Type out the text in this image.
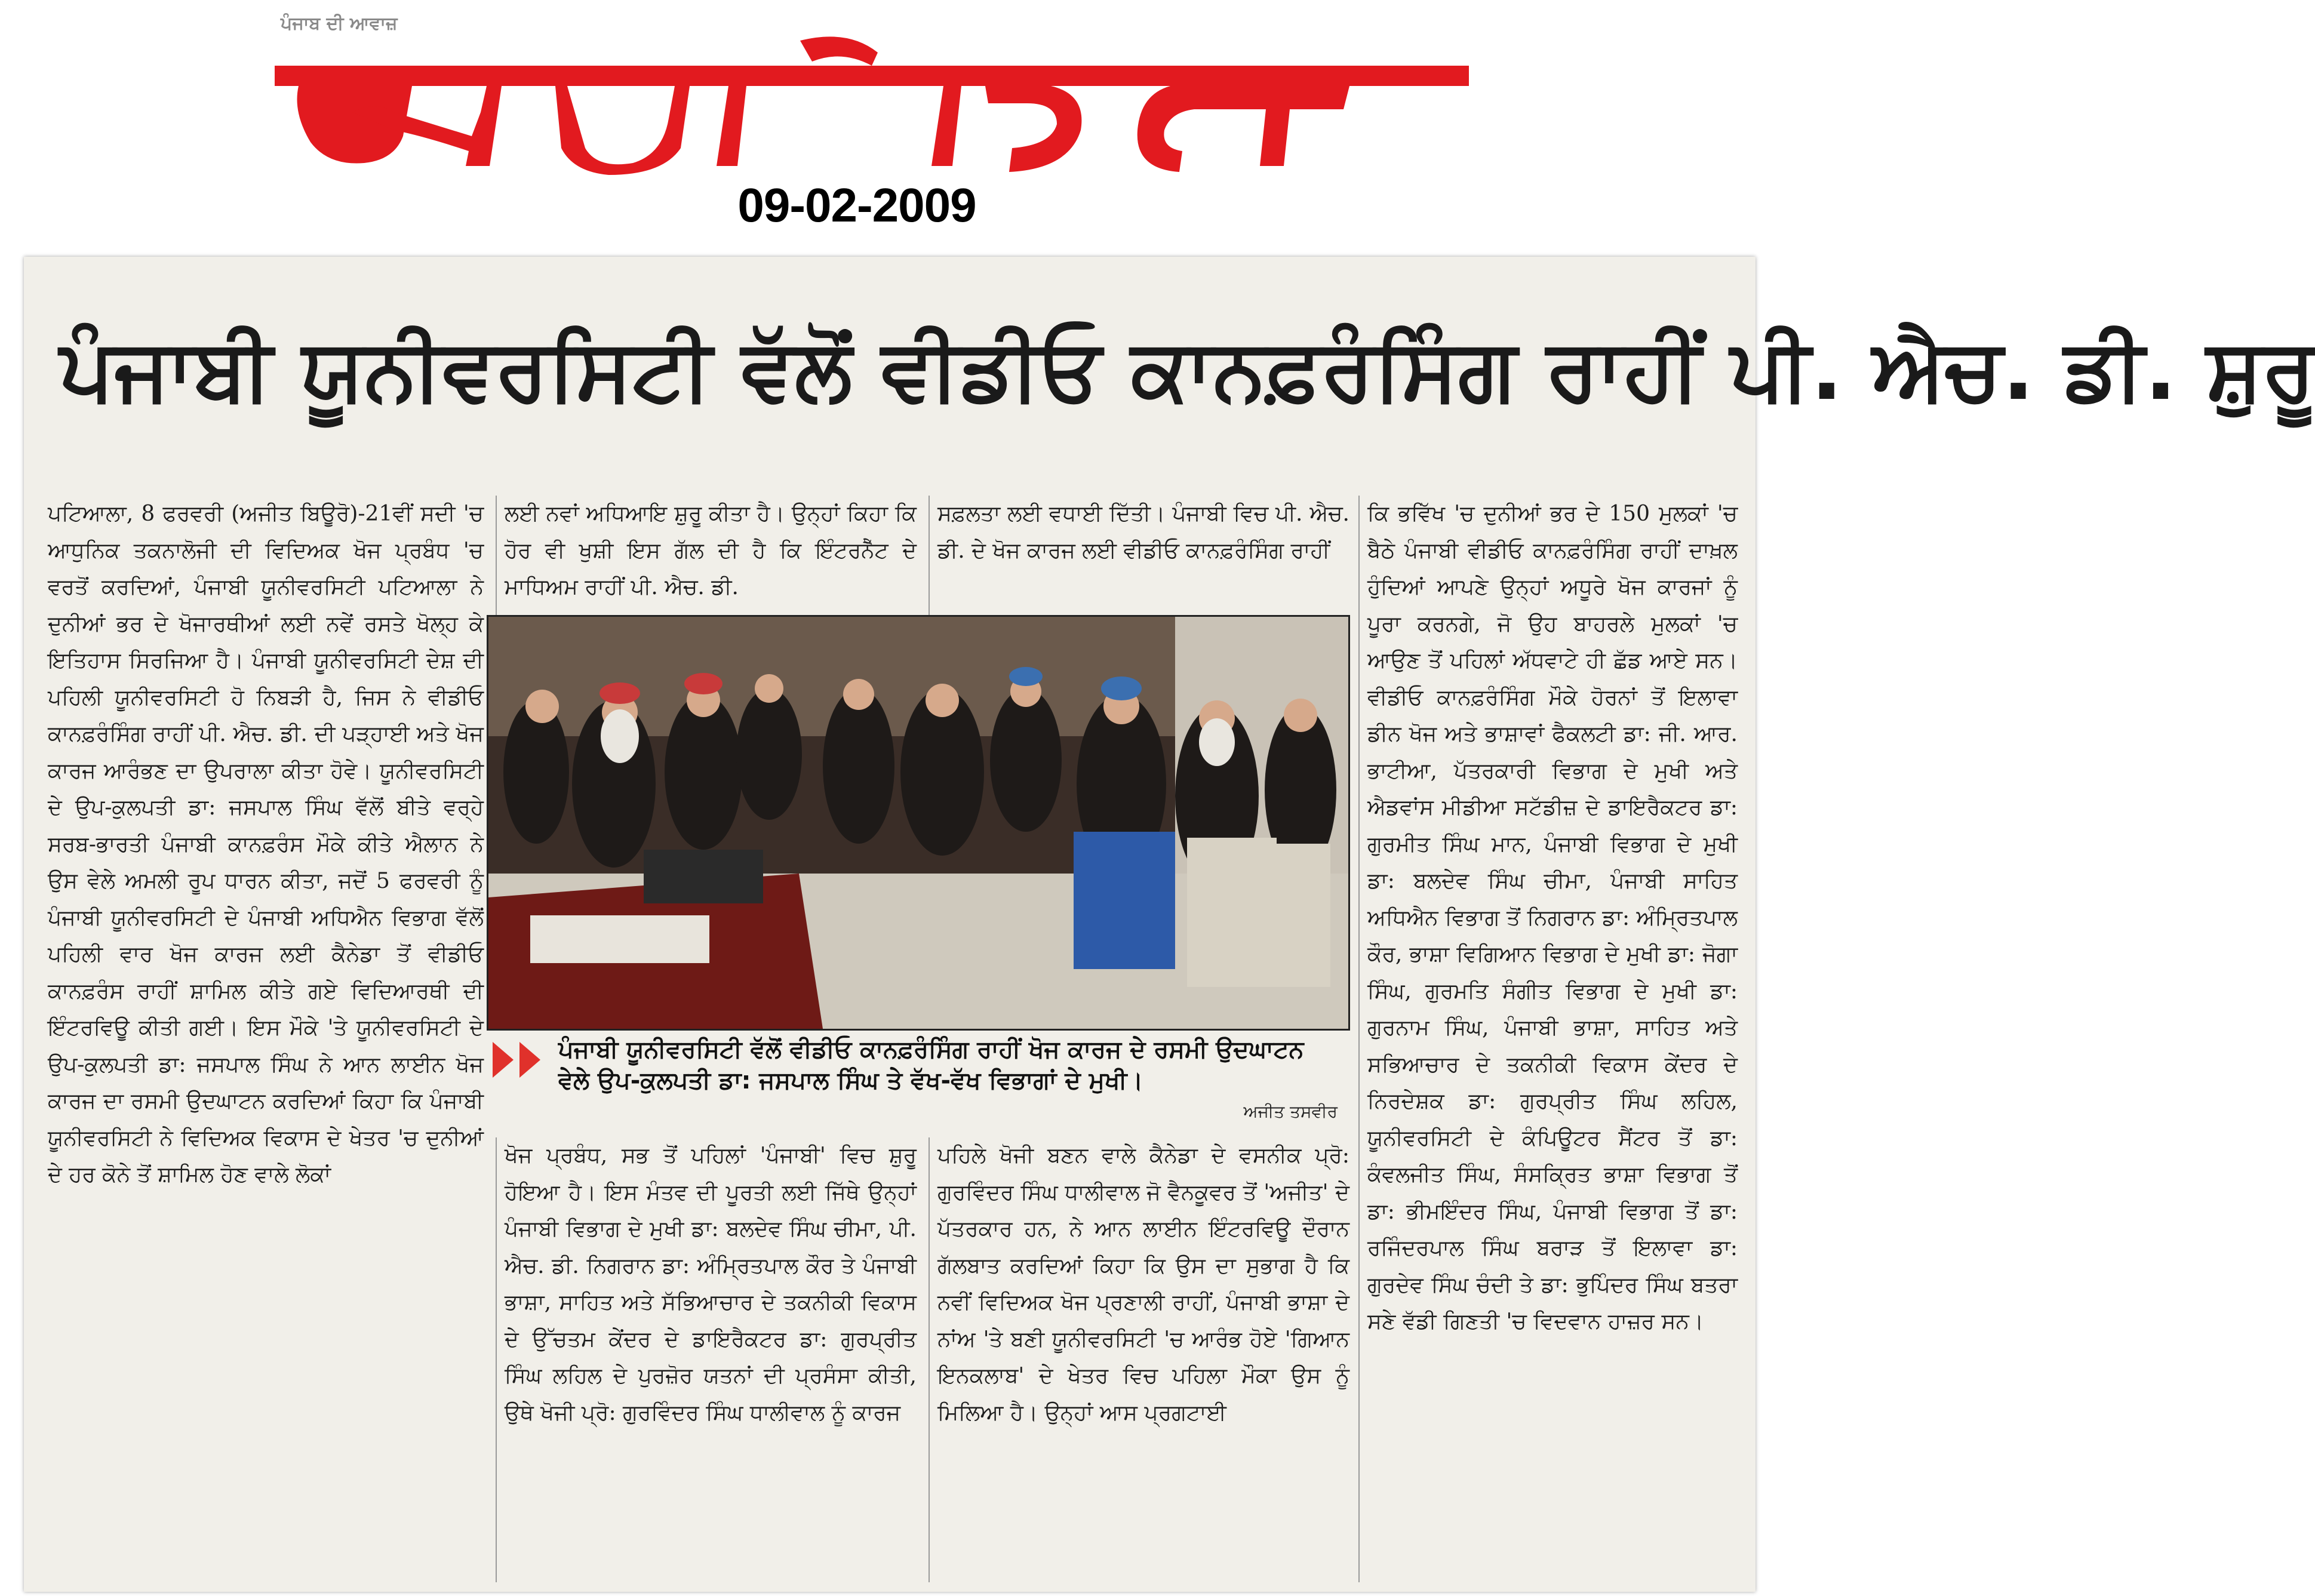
ਪੰਜਾਬ ਦੀ ਆਵਾਜ਼
09-02-2009
ਪੰਜਾਬੀ ਯੂਨੀਵਰਸਿਟੀ ਵੱਲੋਂ ਵੀਡੀਓ ਕਾਨਫ਼ਰੰਸਿੰਗ ਰਾਹੀਂ ਪੀ. ਐਚ. ਡੀ. ਸ਼ੁਰੂ

ਪਟਿਆਲਾ, 8 ਫਰਵਰੀ (ਅਜੀਤ ਬਿਊਰੋ)-21ਵੀਂ ਸਦੀ 'ਚ ਆਧੁਨਿਕ ਤਕਨਾਲੋਜੀ ਦੀ ਵਿਦਿਅਕ ਖੋਜ ਪ੍ਰਬੰਧ 'ਚ ਵਰਤੋਂ ਕਰਦਿਆਂ, ਪੰਜਾਬੀ ਯੂਨੀਵਰਸਿਟੀ ਪਟਿਆਲਾ ਨੇ ਦੁਨੀਆਂ ਭਰ ਦੇ ਖੋਜਾਰਥੀਆਂ ਲਈ ਨਵੇਂ ਰਸਤੇ ਖੋਲ੍ਹ ਕੇ ਇਤਿਹਾਸ ਸਿਰਜਿਆ ਹੈ। ਪੰਜਾਬੀ ਯੂਨੀਵਰਸਿਟੀ ਦੇਸ਼ ਦੀ ਪਹਿਲੀ ਯੂਨੀਵਰਸਿਟੀ ਹੋ ਨਿਬੜੀ ਹੈ, ਜਿਸ ਨੇ ਵੀਡੀਓ ਕਾਨਫ਼ਰੰਸਿੰਗ ਰਾਹੀਂ ਪੀ. ਐਚ. ਡੀ. ਦੀ ਪੜ੍ਹਾਈ ਅਤੇ ਖੋਜ ਕਾਰਜ ਆਰੰਭਣ ਦਾ ਉਪਰਾਲਾ ਕੀਤਾ ਹੋਵੇ। ਯੂਨੀਵਰਸਿਟੀ ਦੇ ਉਪ-ਕੁਲਪਤੀ ਡਾ: ਜਸਪਾਲ ਸਿੰਘ ਵੱਲੋਂ ਬੀਤੇ ਵਰ੍ਹੇ ਸਰਬ-ਭਾਰਤੀ ਪੰਜਾਬੀ ਕਾਨਫ਼ਰੰਸ ਮੌਕੇ ਕੀਤੇ ਐਲਾਨ ਨੇ ਉਸ ਵੇਲੇ ਅਮਲੀ ਰੂਪ ਧਾਰਨ ਕੀਤਾ, ਜਦੋਂ 5 ਫਰਵਰੀ ਨੂੰ ਪੰਜਾਬੀ ਯੂਨੀਵਰਸਿਟੀ ਦੇ ਪੰਜਾਬੀ ਅਧਿਐਨ ਵਿਭਾਗ ਵੱਲੋਂ ਪਹਿਲੀ ਵਾਰ ਖੋਜ ਕਾਰਜ ਲਈ ਕੈਨੇਡਾ ਤੋਂ ਵੀਡੀਓ ਕਾਨਫ਼ਰੰਸ ਰਾਹੀਂ ਸ਼ਾਮਿਲ ਕੀਤੇ ਗਏ ਵਿਦਿਆਰਥੀ ਦੀ ਇੰਟਰਵਿਊ ਕੀਤੀ ਗਈ। ਇਸ ਮੌਕੇ 'ਤੇ ਯੂਨੀਵਰਸਿਟੀ ਦੇ ਉਪ-ਕੁਲਪਤੀ ਡਾ: ਜਸਪਾਲ ਸਿੰਘ ਨੇ ਆਨ ਲਾਈਨ ਖੋਜ ਕਾਰਜ ਦਾ ਰਸਮੀ ਉਦਘਾਟਨ ਕਰਦਿਆਂ ਕਿਹਾ ਕਿ ਪੰਜਾਬੀ ਯੂਨੀਵਰਸਿਟੀ ਨੇ ਵਿਦਿਅਕ ਵਿਕਾਸ ਦੇ ਖੇਤਰ 'ਚ ਦੁਨੀਆਂ ਦੇ ਹਰ ਕੋਨੇ ਤੋਂ ਸ਼ਾਮਿਲ ਹੋਣ ਵਾਲੇ ਲੋਕਾਂ

ਲਈ ਨਵਾਂ ਅਧਿਆਇ ਸ਼ੁਰੂ ਕੀਤਾ ਹੈ। ਉਨ੍ਹਾਂ ਕਿਹਾ ਕਿ ਹੋਰ ਵੀ ਖੁਸ਼ੀ ਇਸ ਗੱਲ ਦੀ ਹੈ ਕਿ ਇੰਟਰਨੈੱਟ ਦੇ ਮਾਧਿਅਮ ਰਾਹੀਂ ਪੀ. ਐਚ. ਡੀ.

ਸਫ਼ਲਤਾ ਲਈ ਵਧਾਈ ਦਿੱਤੀ। ਪੰਜਾਬੀ ਵਿਚ ਪੀ. ਐਚ. ਡੀ. ਦੇ ਖੋਜ ਕਾਰਜ ਲਈ ਵੀਡੀਓ ਕਾਨਫ਼ਰੰਸਿੰਗ ਰਾਹੀਂ

ਕਿ ਭਵਿੱਖ 'ਚ ਦੁਨੀਆਂ ਭਰ ਦੇ 150 ਮੁਲਕਾਂ 'ਚ ਬੈਠੇ ਪੰਜਾਬੀ ਵੀਡੀਓ ਕਾਨਫ਼ਰੰਸਿੰਗ ਰਾਹੀਂ ਦਾਖ਼ਲ ਹੁੰਦਿਆਂ ਆਪਣੇ ਉਨ੍ਹਾਂ ਅਧੂਰੇ ਖੋਜ ਕਾਰਜਾਂ ਨੂੰ ਪੂਰਾ ਕਰਨਗੇ, ਜੋ ਉਹ ਬਾਹਰਲੇ ਮੁਲਕਾਂ 'ਚ ਆਉਣ ਤੋਂ ਪਹਿਲਾਂ ਅੱਧਵਾਟੇ ਹੀ ਛੱਡ ਆਏ ਸਨ। ਵੀਡੀਓ ਕਾਨਫ਼ਰੰਸਿੰਗ ਮੌਕੇ ਹੋਰਨਾਂ ਤੋਂ ਇਲਾਵਾ ਡੀਨ ਖੋਜ ਅਤੇ ਭਾਸ਼ਾਵਾਂ ਫੈਕਲਟੀ ਡਾ: ਜੀ. ਆਰ. ਭਾਟੀਆ, ਪੱਤਰਕਾਰੀ ਵਿਭਾਗ ਦੇ ਮੁਖੀ ਅਤੇ ਐਡਵਾਂਸ ਮੀਡੀਆ ਸਟੱਡੀਜ਼ ਦੇ ਡਾਇਰੈਕਟਰ ਡਾ: ਗੁਰਮੀਤ ਸਿੰਘ ਮਾਨ, ਪੰਜਾਬੀ ਵਿਭਾਗ ਦੇ ਮੁਖੀ ਡਾ: ਬਲਦੇਵ ਸਿੰਘ ਚੀਮਾ, ਪੰਜਾਬੀ ਸਾਹਿਤ ਅਧਿਐਨ ਵਿਭਾਗ ਤੋਂ ਨਿਗਰਾਨ ਡਾ: ਅੰਮ੍ਰਿਤਪਾਲ ਕੌਰ, ਭਾਸ਼ਾ ਵਿਗਿਆਨ ਵਿਭਾਗ ਦੇ ਮੁਖੀ ਡਾ: ਜੋਗਾ ਸਿੰਘ, ਗੁਰਮਤਿ ਸੰਗੀਤ ਵਿਭਾਗ ਦੇ ਮੁਖੀ ਡਾ: ਗੁਰਨਾਮ ਸਿੰਘ, ਪੰਜਾਬੀ ਭਾਸ਼ਾ, ਸਾਹਿਤ ਅਤੇ ਸਭਿਆਚਾਰ ਦੇ ਤਕਨੀਕੀ ਵਿਕਾਸ ਕੇਂਦਰ ਦੇ ਨਿਰਦੇਸ਼ਕ ਡਾ: ਗੁਰਪ੍ਰੀਤ ਸਿੰਘ ਲਹਿਲ, ਯੂਨੀਵਰਸਿਟੀ ਦੇ ਕੰਪਿਊਟਰ ਸੈਂਟਰ ਤੋਂ ਡਾ: ਕੰਵਲਜੀਤ ਸਿੰਘ, ਸੰਸਕ੍ਰਿਤ ਭਾਸ਼ਾ ਵਿਭਾਗ ਤੋਂ ਡਾ: ਭੀਮਇੰਦਰ ਸਿੰਘ, ਪੰਜਾਬੀ ਵਿਭਾਗ ਤੋਂ ਡਾ: ਰਜਿੰਦਰਪਾਲ ਸਿੰਘ ਬਰਾੜ ਤੋਂ ਇਲਾਵਾ ਡਾ: ਗੁਰਦੇਵ ਸਿੰਘ ਚੰਦੀ ਤੇ ਡਾ: ਭੁਪਿੰਦਰ ਸਿੰਘ ਬਤਰਾ ਸਣੇ ਵੱਡੀ ਗਿਣਤੀ 'ਚ ਵਿਦਵਾਨ ਹਾਜ਼ਰ ਸਨ।

ਪੰਜਾਬੀ ਯੂਨੀਵਰਸਿਟੀ ਵੱਲੋਂ ਵੀਡੀਓ ਕਾਨਫ਼ਰੰਸਿੰਗ ਰਾਹੀਂ ਖੋਜ ਕਾਰਜ ਦੇ ਰਸਮੀ ਉਦਘਾਟਨ ਵੇਲੇ ਉਪ-ਕੁਲਪਤੀ ਡਾ: ਜਸਪਾਲ ਸਿੰਘ ਤੇ ਵੱਖ-ਵੱਖ ਵਿਭਾਗਾਂ ਦੇ ਮੁਖੀ।
ਅਜੀਤ ਤਸਵੀਰ

ਖੋਜ ਪ੍ਰਬੰਧ, ਸਭ ਤੋਂ ਪਹਿਲਾਂ 'ਪੰਜਾਬੀ' ਵਿਚ ਸ਼ੁਰੂ ਹੋਇਆ ਹੈ। ਇਸ ਮੰਤਵ ਦੀ ਪੂਰਤੀ ਲਈ ਜਿੱਥੇ ਉਨ੍ਹਾਂ ਪੰਜਾਬੀ ਵਿਭਾਗ ਦੇ ਮੁਖੀ ਡਾ: ਬਲਦੇਵ ਸਿੰਘ ਚੀਮਾ, ਪੀ. ਐਚ. ਡੀ. ਨਿਗਰਾਨ ਡਾ: ਅੰਮ੍ਰਿਤਪਾਲ ਕੌਰ ਤੇ ਪੰਜਾਬੀ ਭਾਸ਼ਾ, ਸਾਹਿਤ ਅਤੇ ਸੱਭਿਆਚਾਰ ਦੇ ਤਕਨੀਕੀ ਵਿਕਾਸ ਦੇ ਉੱਚਤਮ ਕੇਂਦਰ ਦੇ ਡਾਇਰੈਕਟਰ ਡਾ: ਗੁਰਪ੍ਰੀਤ ਸਿੰਘ ਲਹਿਲ ਦੇ ਪੁਰਜ਼ੋਰ ਯਤਨਾਂ ਦੀ ਪ੍ਰਸੰਸਾ ਕੀਤੀ, ਉਥੇ ਖੋਜੀ ਪ੍ਰੋ: ਗੁਰਵਿੰਦਰ ਸਿੰਘ ਧਾਲੀਵਾਲ ਨੂੰ ਕਾਰਜ

ਪਹਿਲੇ ਖੋਜੀ ਬਣਨ ਵਾਲੇ ਕੈਨੇਡਾ ਦੇ ਵਸਨੀਕ ਪ੍ਰੋ: ਗੁਰਵਿੰਦਰ ਸਿੰਘ ਧਾਲੀਵਾਲ ਜੋ ਵੈਨਕੂਵਰ ਤੋਂ 'ਅਜੀਤ' ਦੇ ਪੱਤਰਕਾਰ ਹਨ, ਨੇ ਆਨ ਲਾਈਨ ਇੰਟਰਵਿਊ ਦੌਰਾਨ ਗੱਲਬਾਤ ਕਰਦਿਆਂ ਕਿਹਾ ਕਿ ਉਸ ਦਾ ਸੁਭਾਗ ਹੈ ਕਿ ਨਵੀਂ ਵਿਦਿਅਕ ਖੋਜ ਪ੍ਰਣਾਲੀ ਰਾਹੀਂ, ਪੰਜਾਬੀ ਭਾਸ਼ਾ ਦੇ ਨਾਂਅ 'ਤੇ ਬਣੀ ਯੂਨੀਵਰਸਿਟੀ 'ਚ ਆਰੰਭ ਹੋਏ 'ਗਿਆਨ ਇਨਕਲਾਬ' ਦੇ ਖੇਤਰ ਵਿਚ ਪਹਿਲਾ ਮੌਕਾ ਉਸ ਨੂੰ ਮਿਲਿਆ ਹੈ। ਉਨ੍ਹਾਂ ਆਸ ਪ੍ਰਗਟਾਈ
